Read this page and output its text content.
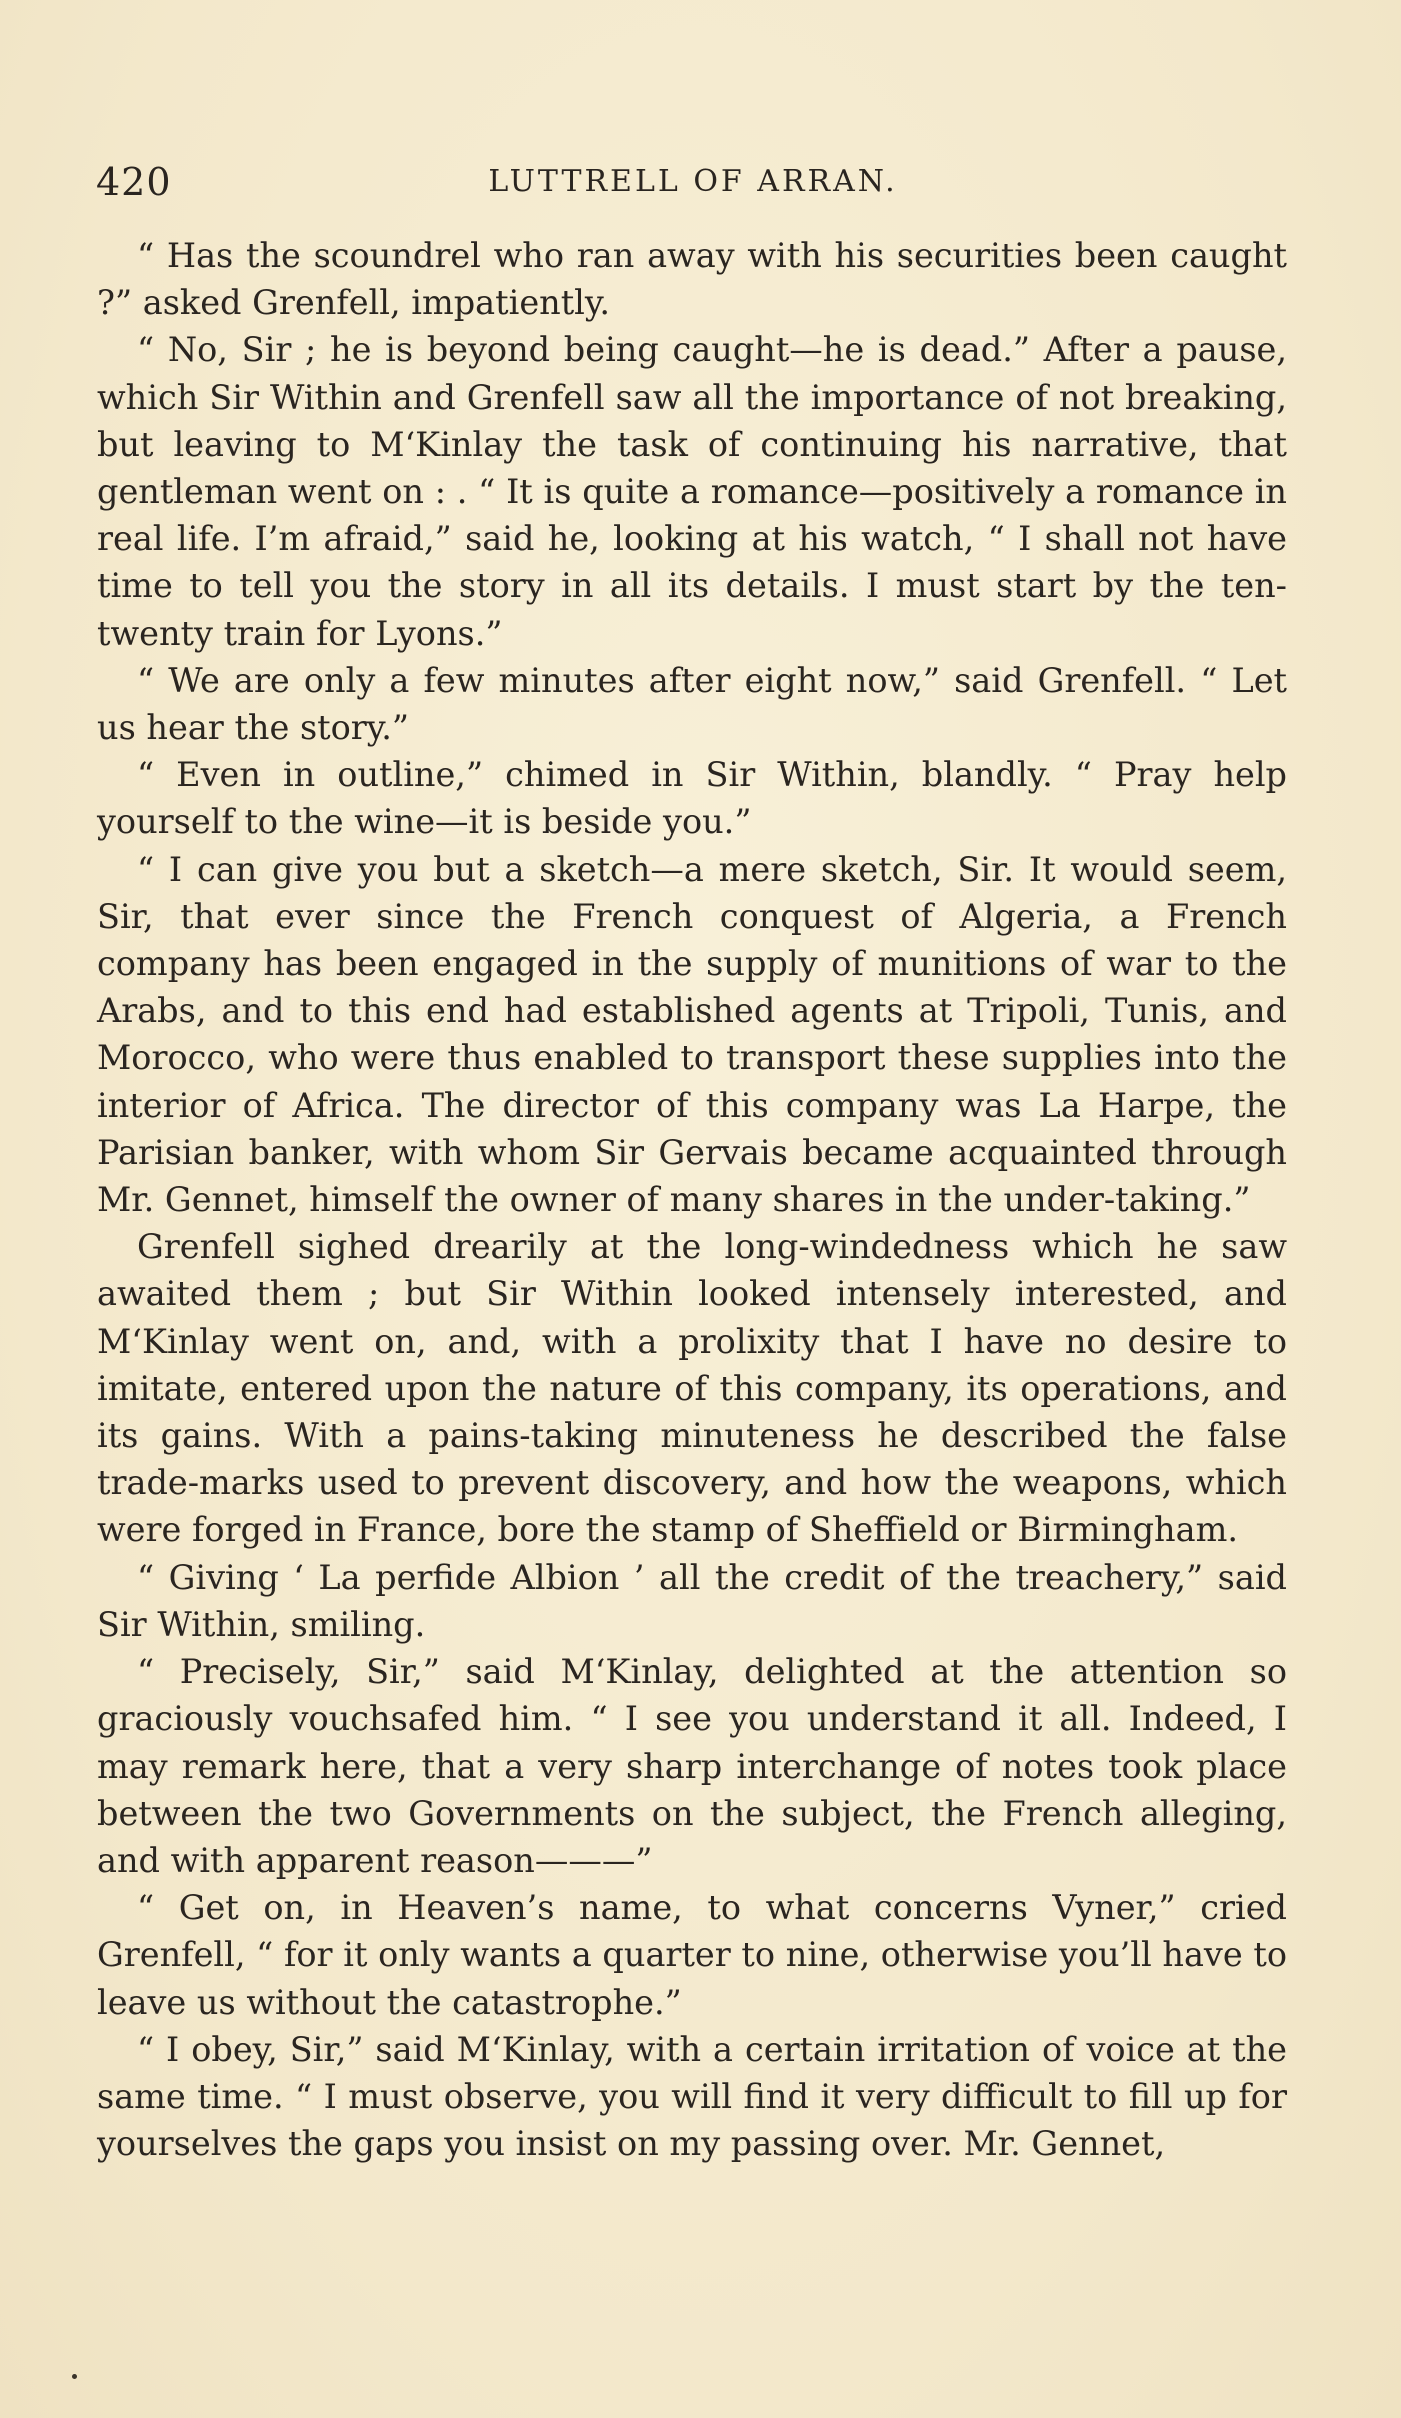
420	LUTTRELL OF ARRAN.

“ Has the scoundrel who ran away with his securities been caught ?” asked Grenfell, impatiently.

“ No, Sir ; he is beyond being caught—he is dead.” After a pause, which Sir Within and Grenfell saw all the importance of not breaking, but leaving to M‘Kinlay the task of continuing his narrative, that gentleman went on : . “ It is quite a romance—positively a romance in real life. I’m afraid,” said he, looking at his watch, “ I shall not have time to tell you the story in all its details. I must start by the ten-twenty train for Lyons.”

“ We are only a few minutes after eight now,” said Grenfell. “ Let us hear the story.”

“ Even in outline,” chimed in Sir Within, blandly. “ Pray help yourself to the wine—it is beside you.”

“ I can give you but a sketch—a mere sketch, Sir. It would seem, Sir, that ever since the French conquest of Algeria, a French company has been engaged in the supply of munitions of war to the Arabs, and to this end had established agents at Tripoli, Tunis, and Morocco, who were thus enabled to transport these supplies into the interior of Africa. The director of this company was La Harpe, the Parisian banker, with whom Sir Gervais became acquainted through Mr. Gennet, himself the owner of many shares in the under-taking.”

Grenfell sighed drearily at the long-windedness which he saw awaited them ; but Sir Within looked intensely interested, and M‘Kinlay went on, and, with a prolixity that I have no desire to imitate, entered upon the nature of this company, its operations, and its gains. With a pains-taking minuteness he described the false trade-marks used to prevent discovery, and how the weapons, which were forged in France, bore the stamp of Sheffield or Birmingham.

“ Giving ‘ La perfide Albion ’ all the credit of the treachery,” said Sir Within, smiling.

“ Precisely, Sir,” said M‘Kinlay, delighted at the attention so graciously vouchsafed him. “ I see you understand it all. Indeed, I may remark here, that a very sharp interchange of notes took place between the two Governments on the subject, the French alleging, and with apparent reason———”

“ Get on, in Heaven’s name, to what concerns Vyner,” cried Grenfell, “ for it only wants a quarter to nine, otherwise you’ll have to leave us without the catastrophe.”

“ I obey, Sir,” said M‘Kinlay, with a certain irritation of voice at the same time. “ I must observe, you will find it very difficult to fill up for yourselves the gaps you insist on my passing over. Mr. Gennet,
